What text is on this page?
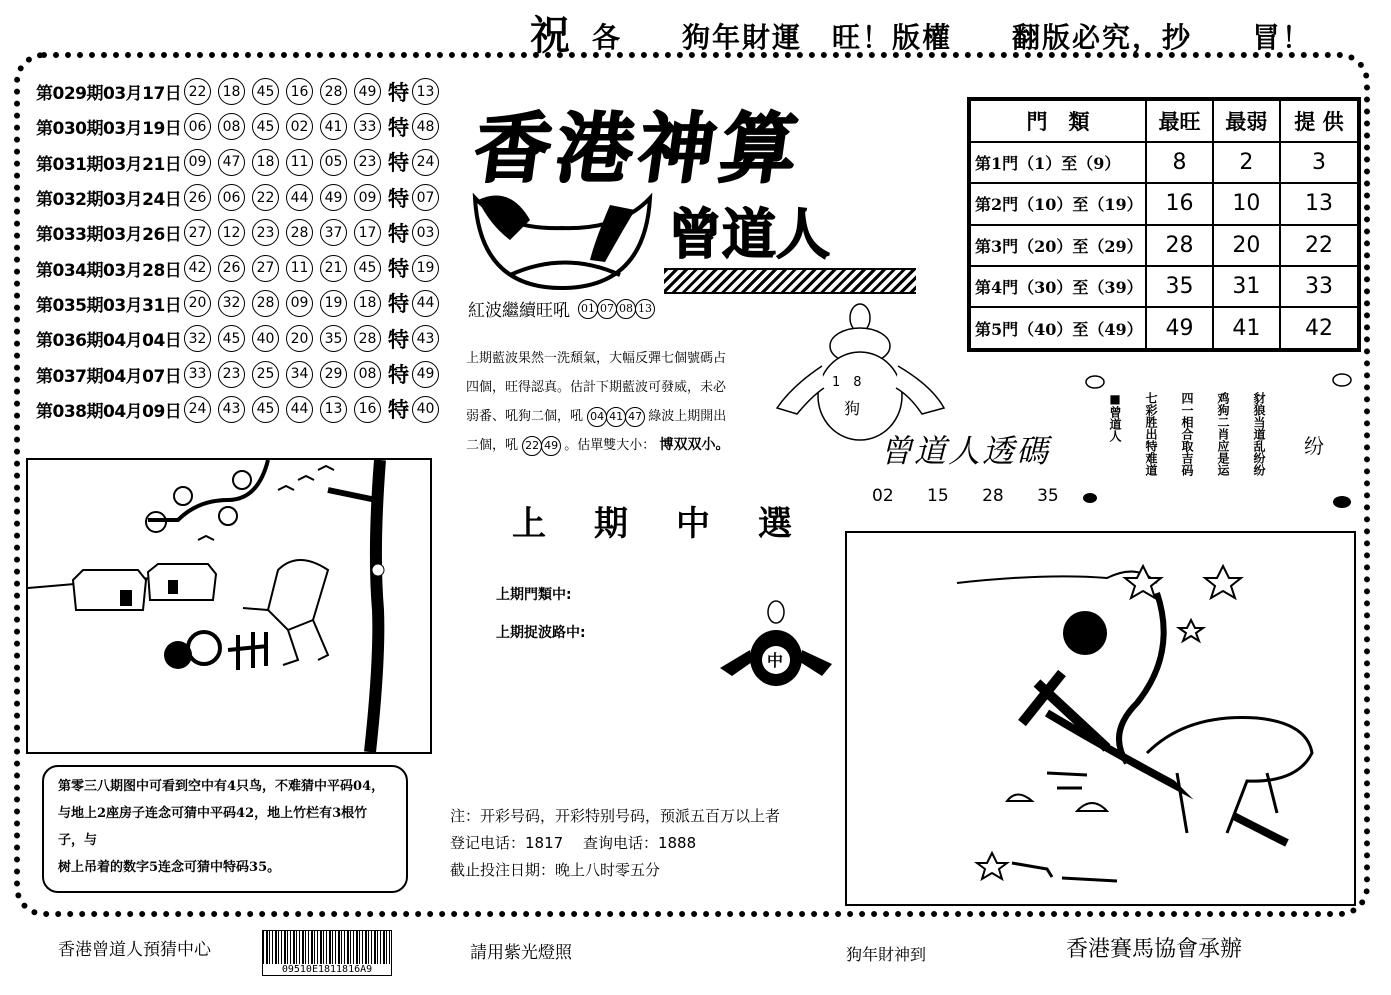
祝 各　　狗年財運　旺！版權　　翻版必究，抄　　冒！
第029期03月17日 22	18	45	16	28	49 特 13
第030期03月19日 06	08	45	02	41	33 特 48
第031期03月21日 09	47	18	11	05	23 特 24
第032期03月24日 26	06	22	44	49	09 特 07
第033期03月26日 27	12	23	28	37	17 特 03
第034期03月28日 42	26	27	11	21	45 特 19
第035期03月31日 20	32	28	09	19	18 特 44
第036期04月04日 32	45	40	20	35	28 特 43
第037期04月07日 33	23	25	34	29	08 特 49
第038期04月09日 24	43	45	44	13	16 特 40
香港神算
曾道人
紅波繼續旺吼 01 07 08 13
上期藍波果然一洗頹氣，大幅反彈七個號碼占
四個，旺得認真。估計下期藍波可發威，未必
弱番、吼狗二個，吼 04 41 47 綠波上期開出
二個，吼 22 49 。估單雙大小： 博双双小。
1　8
狗
門　類	最旺	最弱	提 供
第1門（1）至（9）	8	2	3
第2門（10）至（19）	16	10	13
第3門（20）至（29）	28	20	22
第4門（30）至（39）	35	31	33
第5門（40）至（49）	49	41	42
■曾道人 七彩胜出特难道 四一相合取吉码 鸡狗二肖应是运 豺狼当道乱纷纷 纷
曾道人透碼
02 15 28 35
上期中選
上期門類中:
上期捉波路中:
中
第零三八期图中可看到空中有4只鸟，不难猜中平码04，
与地上2座房子连念可猜中平码42，地上竹栏有3根竹子，与
树上吊着的数字5连念可猜中特码35。
注：开彩号码，开彩特别号码，预派五百万以上者
登记电话：1817　 查询电话：1888
截止投注日期：晚上八时零五分
香港曾道人預猜中心
09510E1811816A9
請用紫光燈照	狗年財神到	香港賽馬協會承辦
